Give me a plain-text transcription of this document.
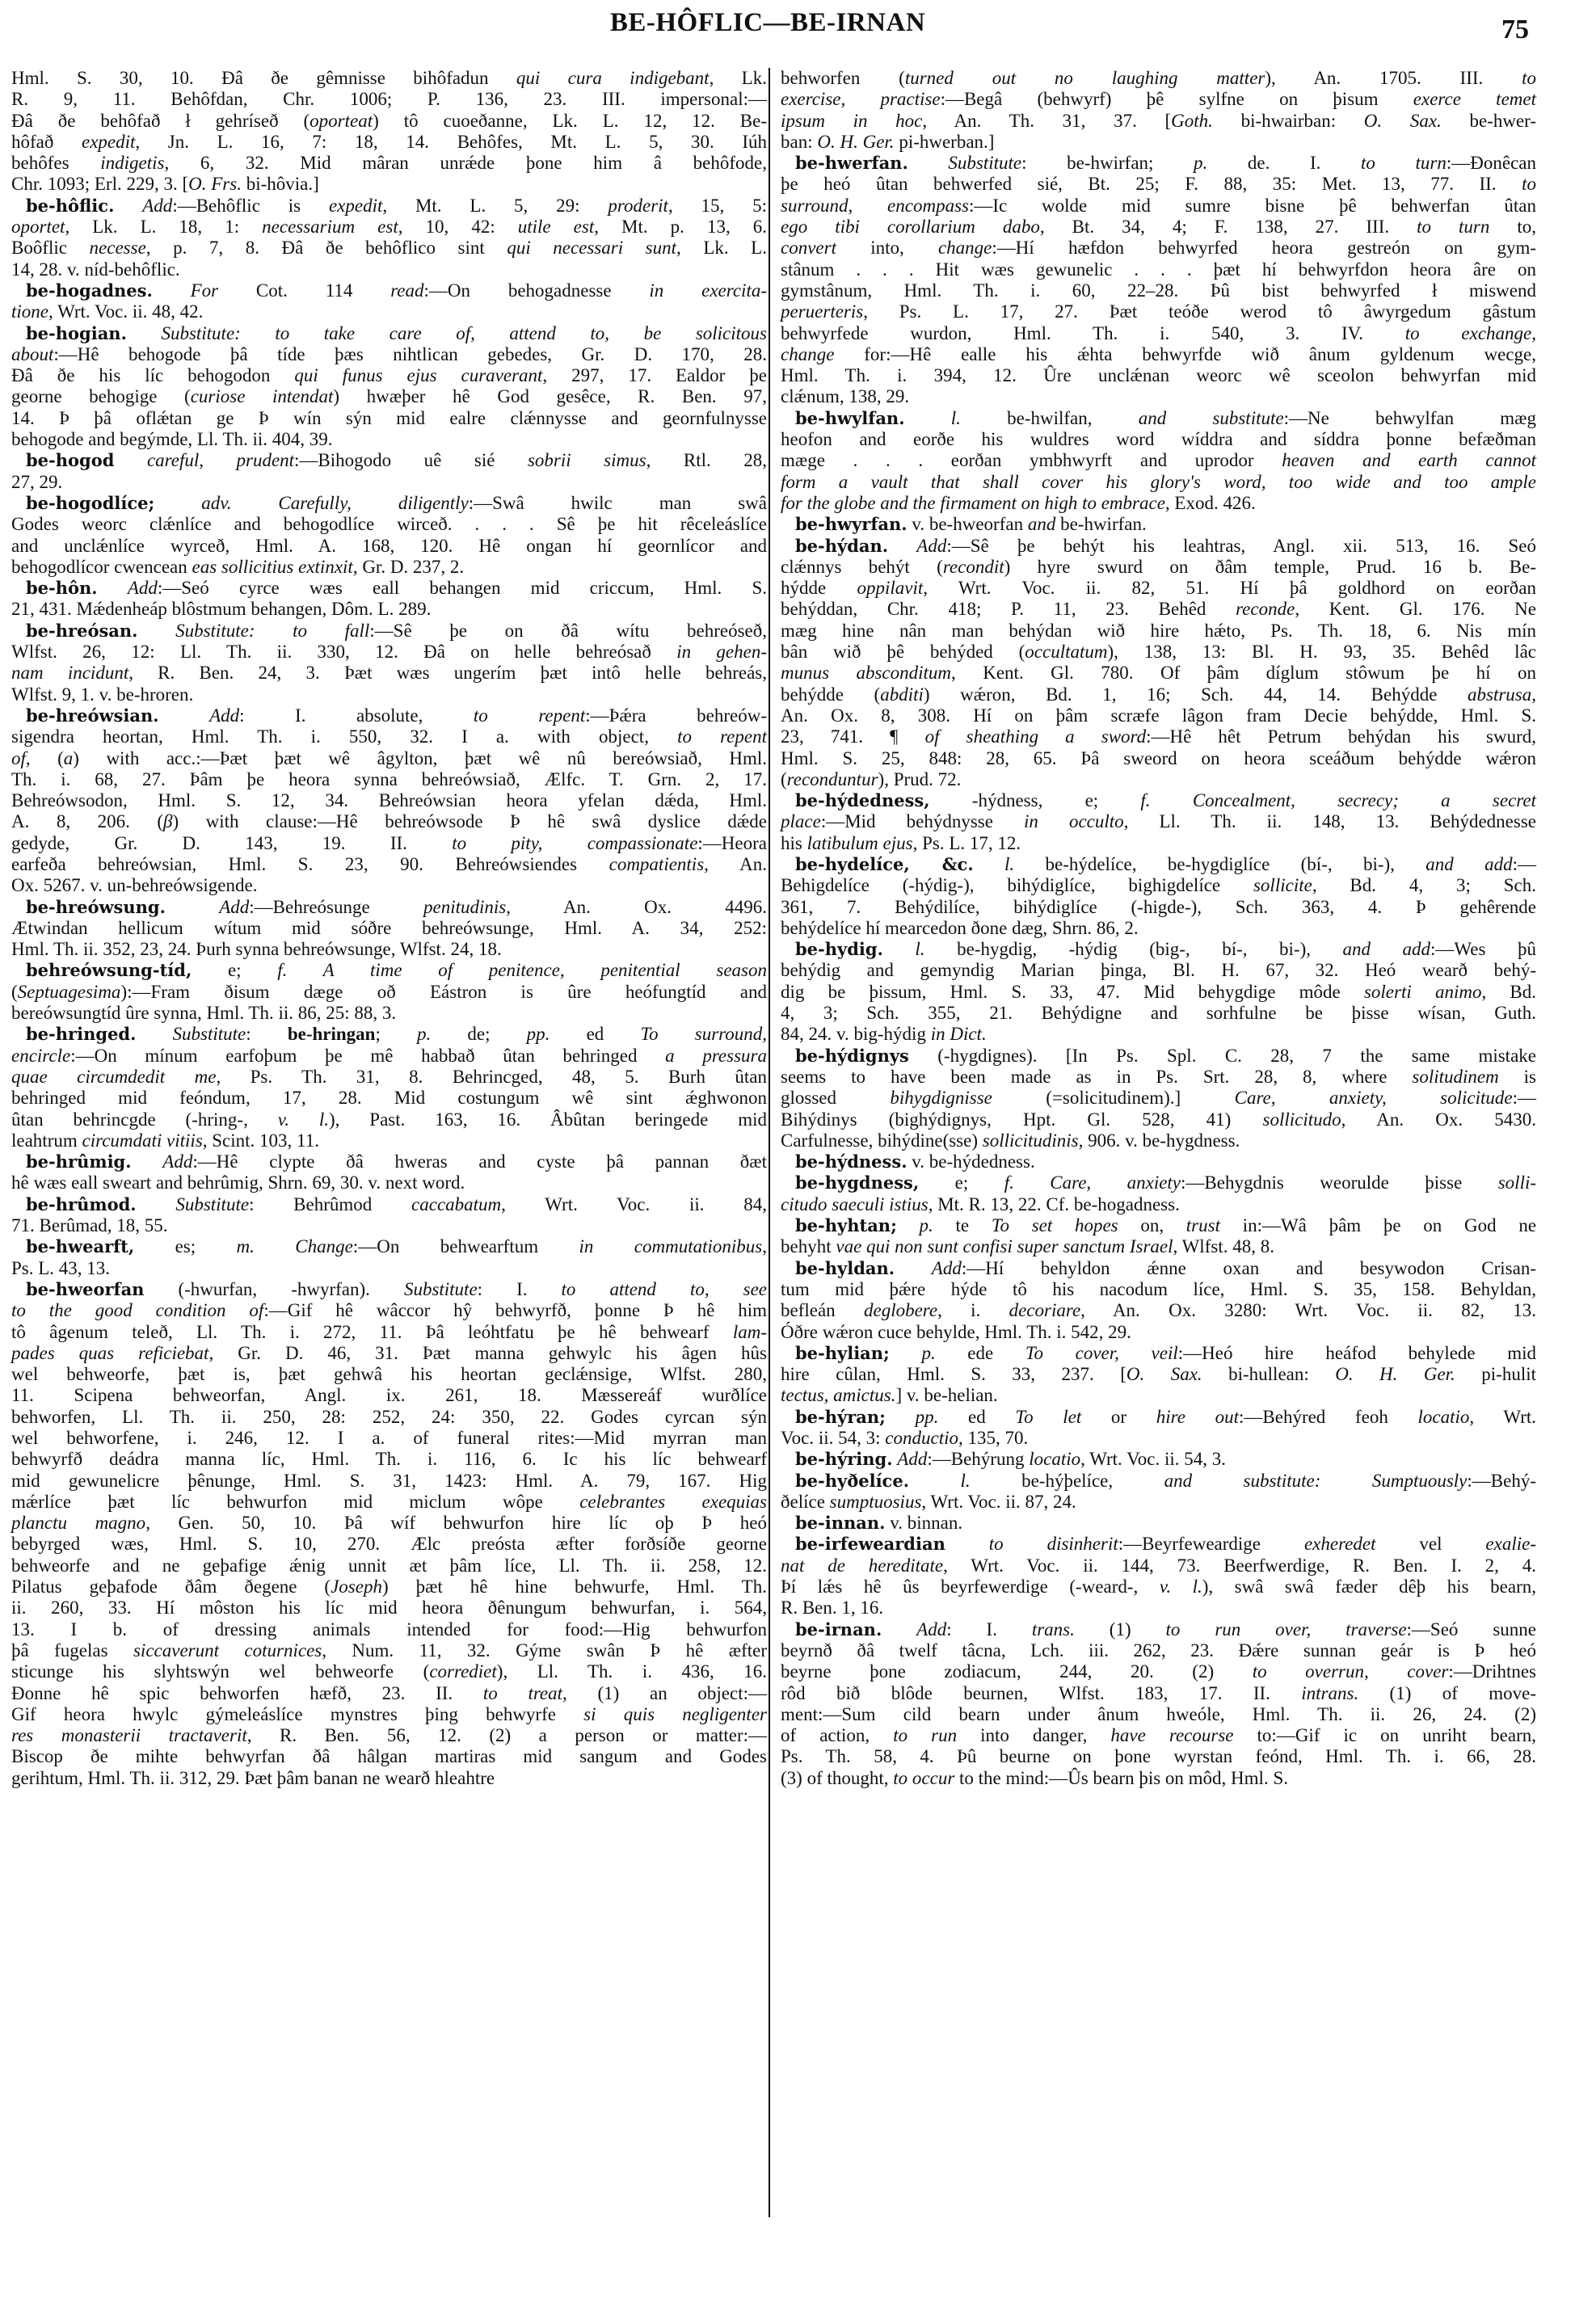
BE-HÔFLIC—BE-IRNAN	75
Hml. S. 30, 10. Ðâ ðe gêmnisse bihôfadun qui cura indigebant, Lk.
R. 9, 11. Behôfdan, Chr. 1006; P. 136, 23. III. impersonal:—
Ðâ ðe behôfað ł gehríseð (oporteat) tô cuoeðanne, Lk. L. 12, 12. Be-
hôfað expedit, Jn. L. 16, 7: 18, 14. Behôfes, Mt. L. 5, 30. Iúh
behôfes indigetis, 6, 32. Mid mâran unrǽde þone him â behôfode,
Chr. 1093; Erl. 229, 3. [O. Frs. bi-hôvia.]
be-hôflic. Add:—Behôflic is expedit, Mt. L. 5, 29: proderit, 15, 5:
oportet, Lk. L. 18, 1: necessarium est, 10, 42: utile est, Mt. p. 13, 6.
Boôflic necesse, p. 7, 8. Ðâ ðe behôflico sint qui necessari sunt, Lk. L.
14, 28. v. níd-behôflic.
be-hogadnes. For Cot. 114 read:—On behogadnesse in exercita-
tione, Wrt. Voc. ii. 48, 42.
be-hogian. Substitute: to take care of, attend to, be solicitous
about:—Hê behogode þâ tíde þæs nihtlican gebedes, Gr. D. 170, 28.
Ðâ ðe his líc behogodon qui funus ejus curaverant, 297, 17. Ealdor þe
georne behogige (curiose intendat) hwæþer hê God gesêce, R. Ben. 97,
14. Þ þâ oflǽtan ge Þ wín sýn mid ealre clǽnnysse and geornfulnysse
behogode and begýmde, Ll. Th. ii. 404, 39.
be-hogod careful, prudent:—Bihogodo uê sié sobrii simus, Rtl. 28,
27, 29.
be-hogodlíce;	adv. Carefully, diligently:—Swâ hwilc man swâ
Godes weorc clǽnlíce and behogodlíce wirceð. . . . Sê þe hit rêceleáslíce
and unclǽnlíce wyrceð, Hml. A. 168, 120. Hê ongan hí geornlícor and
behogodlícor cwencean eas sollicitius extinxit, Gr. D. 237, 2.
be-hôn. Add:—Seó cyrce wæs eall behangen mid criccum, Hml. S.
21, 431. Mǽdenheáp blôstmum behangen, Dôm. L. 289.
be-hreósan. Substitute: to fall:—Sê þe on ðâ wítu behreóseð,
Wlfst. 26, 12: Ll. Th. ii. 330, 12. Ðâ on helle behreósað in gehen-
nam incidunt, R. Ben. 24, 3. Þæt wæs ungerím þæt intô helle behreás,
Wlfst. 9, 1. v. be-hroren.
be-hreówsian.	Add: I. absolute, to repent:—Þǽra behreów-
sigendra heortan, Hml. Th. i. 550, 32. I a. with object, to repent
of, (a) with acc.:—Þæt þæt wê âgylton, þæt wê nû bereówsiað, Hml.
Th. i. 68, 27. Þâm þe heora synna behreówsiað, Ælfc. T. Grn. 2, 17.
Behreówsodon, Hml. S. 12, 34. Behreówsian heora yfelan dǽda, Hml.
A. 8, 206. (β) with clause:—Hê behreówsode Þ hê swâ dyslice dǽde
gedyde, Gr. D. 143, 19. II. to pity, compassionate:—Heora
earfeða behreówsian, Hml. S. 23, 90. Behreówsiendes compatientis, An.
Ox. 5267. v. un-behreówsigende.
be-hreówsung.	Add:—Behreósunge penitudinis, An. Ox. 4496.
Ætwindan hellicum wítum mid sóðre behreówsunge, Hml. A. 34, 252:
Hml. Th. ii. 352, 23, 24. Þurh synna behreówsunge, Wlfst. 24, 18.
behreówsung-tíd, e; f. A time of penitence, penitential season
(Septuagesima):—Fram ðisum dæge oð Eástron is ûre heófungtíd and
bereówsungtíd ûre synna, Hml. Th. ii. 86, 25: 88, 3.
be-hringed. Substitute: be-hringan; p. de; pp. ed To surround,
encircle:—On mínum earfoþum þe mê habbað ûtan behringed a pressura
quae circumdedit me, Ps. Th. 31, 8. Behrincged, 48, 5. Burh ûtan
behringed mid feóndum, 17, 28. Mid costungum wê sint ǽghwonon
ûtan behrincgde (-hring-, v. l.), Past. 163, 16. Âbûtan beringede mid
leahtrum circumdati vitiis, Scint. 103, 11.
be-hrûmig. Add:—Hê clypte ðâ hweras and cyste þâ pannan ðæt
hê wæs eall sweart and behrûmig, Shrn. 69, 30. v. next word.
be-hrûmod. Substitute: Behrûmod caccabatum, Wrt. Voc. ii. 84,
71. Berûmad, 18, 55.
be-hwearft, es; m. Change:—On behwearftum in commutationibus,
Ps. L. 43, 13.
be-hweorfan (-hwurfan, -hwyrfan). Substitute: I. to attend to, see
to the good condition of:—Gif hê wâccor hŷ behwyrfð, þonne Þ hê him
tô âgenum teleð, Ll. Th. i. 272, 11. Þâ leóhtfatu þe hê behwearf lam-
pades quas reficiebat, Gr. D. 46, 31. Þæt manna gehwylc his âgen hûs
wel behweorfe, þæt is, þæt gehwâ his heortan geclǽnsige, Wlfst. 280,
11. Scipena behweorfan, Angl. ix. 261, 18. Mæssereáf wurðlíce
behworfen, Ll. Th. ii. 250, 28: 252, 24: 350, 22. Godes cyrcan sýn
wel behworfene, i. 246, 12. I a. of funeral rites:—Mid myrran man
behwyrfð deádra manna líc, Hml. Th. i. 116, 6. Ic his líc behwearf
mid gewunelicre þênunge, Hml. S. 31, 1423: Hml. A. 79, 167. Hig
mǽrlíce þæt líc behwurfon mid miclum wôpe celebrantes exequias
planctu magno, Gen. 50, 10. Þâ wíf behwurfon hire líc oþ Þ heó
bebyrged wæs, Hml. S. 10, 270. Ælc preósta æfter forðsíðe georne
behweorfe and ne geþafige ǽnig unnit æt þâm líce, Ll. Th. ii. 258, 12.
Pilatus geþafode ðâm ðegene (Joseph) þæt hê hine behwurfe, Hml. Th.
ii. 260, 33. Hí môston his líc mid heora ðênungum behwurfan, i. 564,
13. I b. of dressing animals intended for food:—Hig behwurfon
þâ fugelas siccaverunt coturnices, Num. 11, 32. Gýme swân Þ hê æfter
sticunge his slyhtswýn wel behweorfe (corrediet), Ll. Th. i. 436, 16.
Ðonne hê spic behworfen hæfð, 23. II. to treat, (1) an object:—
Gif heora hwylc gýmeleáslíce mynstres þing behwyrfe si quis negligenter
res monasterii tractaverit, R. Ben. 56, 12. (2) a person or matter:—
Biscop ðe mihte behwyrfan ðâ hâlgan martiras mid sangum and Godes
gerihtum, Hml. Th. ii. 312, 29. Þæt þâm banan ne wearð hleahtre
behworfen (turned out no laughing matter), An. 1705. III. to
exercise, practise:—Begâ (behwyrf) þê sylfne on þisum exerce temet
ipsum in hoc, An. Th. 31, 37. [Goth. bi-hwairban: O. Sax. be-hwer-
ban: O. H. Ger. pi-hwerban.]
be-hwerfan. Substitute: be-hwirfan; p. de. I. to turn:—Ðonêcan
þe heó ûtan behwerfed sié, Bt. 25; F. 88, 35: Met. 13, 77. II. to
surround, encompass:—Ic wolde mid sumre bisne þê behwerfan ûtan
ego tibi corollarium dabo, Bt. 34, 4; F. 138, 27. III. to turn to,
convert into, change:—Hí hæfdon behwyrfed heora gestreón on gym-
stânum . . . Hit wæs gewunelic . . . þæt hí behwyrfdon heora âre on
gymstânum, Hml. Th. i. 60, 22–28. Þû bist behwyrfed ł miswend
peruerteris, Ps. L. 17, 27. Þæt teóðe werod tô âwyrgedum gâstum
behwyrfede wurdon, Hml. Th. i. 540, 3. IV. to exchange,
change for:—Hê ealle his ǽhta behwyrfde wið ânum gyldenum wecge,
Hml. Th. i. 394, 12. Ûre unclǽnan weorc wê sceolon behwyrfan mid
clǽnum, 138, 29.
be-hwylfan. l. be-hwilfan, and substitute:—Ne behwylfan mæg
heofon and eorðe his wuldres word wíddra and síddra þonne befæðman
mæge . . . eorðan ymbhwyrft and uprodor heaven and earth cannot
form a vault that shall cover his glory's word, too wide and too ample
for the globe and the firmament on high to embrace, Exod. 426.
be-hwyrfan. v. be-hweorfan and be-hwirfan.
be-hýdan. Add:—Sê þe behýt his leahtras, Angl. xii. 513, 16. Seó
clǽnnys behýt (recondit) hyre swurd on ðâm temple, Prud. 16 b. Be-
hýdde oppilavit, Wrt. Voc. ii. 82, 51. Hí þâ goldhord on eorðan
behýddan, Chr. 418; P. 11, 23. Behêd reconde, Kent. Gl. 176. Ne
mæg hine nân man behýdan wið hire hǽto, Ps. Th. 18, 6. Nis mín
bân wið þê behýded (occultatum), 138, 13: Bl. H. 93, 35. Behêd lâc
munus absconditum, Kent. Gl. 780. Of þâm díglum stôwum þe hí on
behýdde (abditi) wǽron, Bd. 1, 16; Sch. 44, 14. Behýdde abstrusa,
An. Ox. 8, 308. Hí on þâm scræfe lâgon fram Decie behýdde, Hml. S.
23, 741. ¶ of sheathing a sword:—Hê hêt Petrum behýdan his swurd,
Hml. S. 25, 848: 28, 65. Þâ sweord on heora sceáðum behýdde wǽron
(reconduntur), Prud. 72.
be-hýdedness, -hýdness, e; f. Concealment, secrecy; a secret
place:—Mid behýdnysse in occulto, Ll. Th. ii. 148, 13. Behýdednesse
his latibulum ejus, Ps. L. 17, 12.
be-hydelíce, &c. l. be-hýdelíce, be-hygdiglíce (bí-, bi-), and add:—
Behigdelíce (-hýdig-), bihýdiglíce, bighigdelíce sollicite, Bd. 4, 3; Sch.
361, 7. Behýdilíce, bihýdiglíce (-higde-), Sch. 363, 4. Þ gehêrende
behýdelíce hí mearcedon ðone dæg, Shrn. 86, 2.
be-hydig. l. be-hygdig, -hýdig (big-, bí-, bi-), and add:—Wes þû
behýdig and gemyndig Marian þinga, Bl. H. 67, 32. Heó wearð behý-
dig be þissum, Hml. S. 33, 47. Mid behygdige môde solerti animo, Bd.
4, 3; Sch. 355, 21. Behýdigne and sorhfulne be þisse wísan, Guth.
84, 24. v. big-hýdig in Dict.
be-hýdignys (-hygdignes). [In Ps. Spl. C. 28, 7 the same mistake
seems to have been made as in Ps. Srt. 28, 8, where solitudinem is
glossed bihygdignisse (=solicitudinem).] Care, anxiety, solicitude:—
Bihýdinys (bighýdignys, Hpt. Gl. 528, 41) sollicitudo, An. Ox. 5430.
Carfulnesse, bihýdine(sse) sollicitudinis, 906. v. be-hygdness.
be-hýdness. v. be-hýdedness.
be-hygdness, e; f. Care, anxiety:—Behygdnis weorulde þisse solli-
citudo saeculi istius, Mt. R. 13, 22. Cf. be-hogadness.
be-hyhtan; p. te To set hopes on, trust in:—Wâ þâm þe on God ne
behyht vae qui non sunt confisi super sanctum Israel, Wlfst. 48, 8.
be-hyldan. Add:—Hí behyldon ǽnne oxan and besywodon Crisan-
tum mid þǽre hýde tô his nacodum líce, Hml. S. 35, 158. Behyldan,
befleán deglobere, i. decoriare, An. Ox. 3280: Wrt. Voc. ii. 82, 13.
Óðre wǽron cuce behylde, Hml. Th. i. 542, 29.
be-hylian; p. ede To cover, veil:—Heó hire heáfod behylede mid
hire cûlan, Hml. S. 33, 237. [O. Sax. bi-hullean: O. H. Ger. pi-hulit
tectus, amictus.] v. be-helian.
be-hýran; pp. ed To let or hire out:—Behýred feoh locatio, Wrt.
Voc. ii. 54, 3: conductio, 135, 70.
be-hýring. Add:—Behýrung locatio, Wrt. Voc. ii. 54, 3.
be-hyðelíce.	l. be-hýþelíce, and substitute: Sumptuously:—Behý-
ðelíce sumptuosius, Wrt. Voc. ii. 87, 24.
be-innan. v. binnan.
be-irfeweardian to disinherit:—Beyrfeweardige exheredet vel exalie-
nat de hereditate, Wrt. Voc. ii. 144, 73. Beerfwerdige, R. Ben. I. 2, 4.
Þí lǽs hê ûs beyrfewerdige (-weard-, v. l.), swâ swâ fæder dêþ his bearn,
R. Ben. 1, 16.
be-irnan. Add: I. trans. (1) to run over, traverse:—Seó sunne
beyrnð ðâ twelf tâcna, Lch. iii. 262, 23. Ðǽre sunnan geár is Þ heó
beyrne þone zodiacum, 244, 20. (2) to overrun, cover:—Drihtnes
rôd bið blôde beurnen, Wlfst. 183, 17. II. intrans. (1) of move-
ment:—Sum cild bearn under ânum hweóle, Hml. Th. ii. 26, 24. (2)
of action, to run into danger, have recourse to:—Gif ic on unriht bearn,
Ps. Th. 58, 4. Þû beurne on þone wyrstan feónd, Hml. Th. i. 66, 28.
(3) of thought, to occur to the mind:—Ûs bearn þis on môd, Hml. S.
